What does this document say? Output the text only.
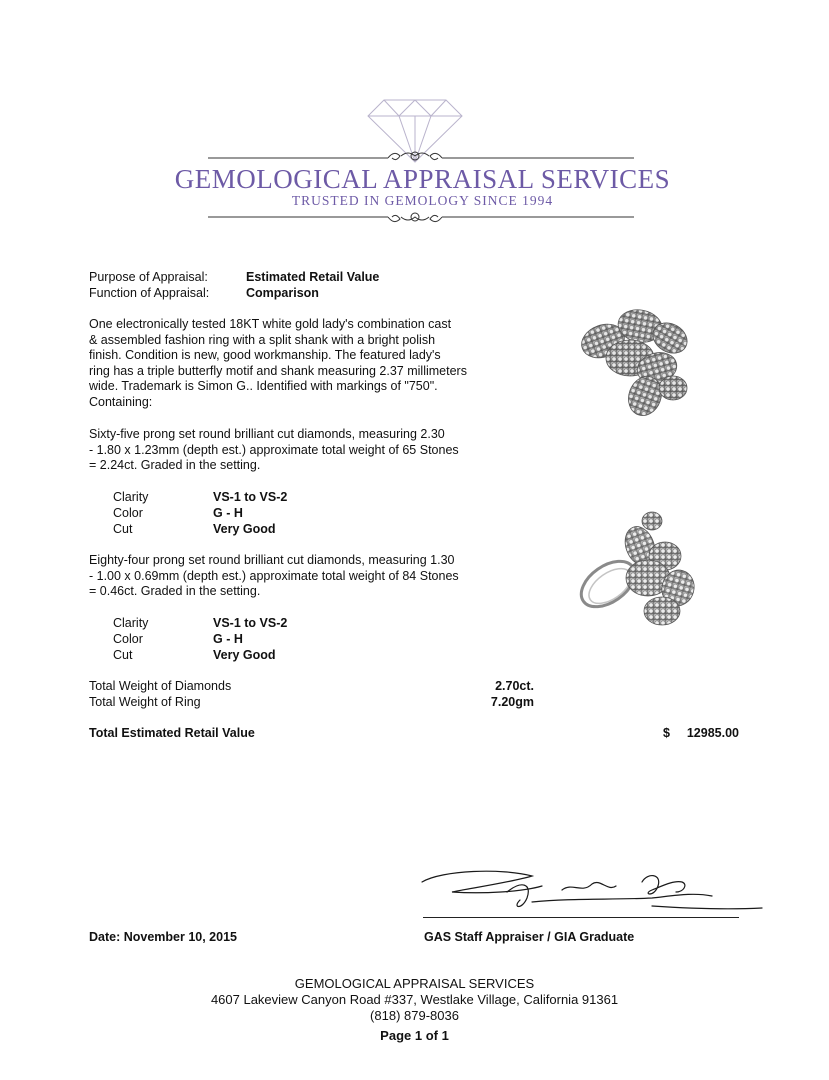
GEMOLOGICAL APPRAISAL SERVICES
TRUSTED IN GEMOLOGY SINCE 1994
Purpose of Appraisal:	Estimated Retail Value
Function of Appraisal:	Comparison
One electronically tested 18KT white gold lady's combination cast
& assembled fashion ring with a split shank with a bright polish
finish. Condition is new, good workmanship. The featured lady's
ring has a triple butterfly motif and shank measuring 2.37 millimeters
wide. Trademark is Simon G.. Identified with markings of "750".
Containing:
Sixty-five prong set round brilliant cut diamonds, measuring 2.30
- 1.80 x 1.23mm (depth est.) approximate total weight of 65 Stones
= 2.24ct. Graded in the setting.
Clarity	VS-1 to VS-2
Color	G - H
Cut	Very Good
Eighty-four prong set round brilliant cut diamonds, measuring 1.30
- 1.00 x 0.69mm (depth est.) approximate total weight of 84 Stones
= 0.46ct. Graded in the setting.
Clarity	VS-1 to VS-2
Color	G - H
Cut	Very Good
Total Weight of Diamonds	2.70ct.
Total Weight of Ring	7.20gm
Total Estimated Retail Value	$	12985.00
Date: November 10, 2015	GAS Staff Appraiser / GIA Graduate
GEMOLOGICAL APPRAISAL SERVICES
4607 Lakeview Canyon Road #337, Westlake Village, California 91361
(818) 879-8036
Page 1 of 1
